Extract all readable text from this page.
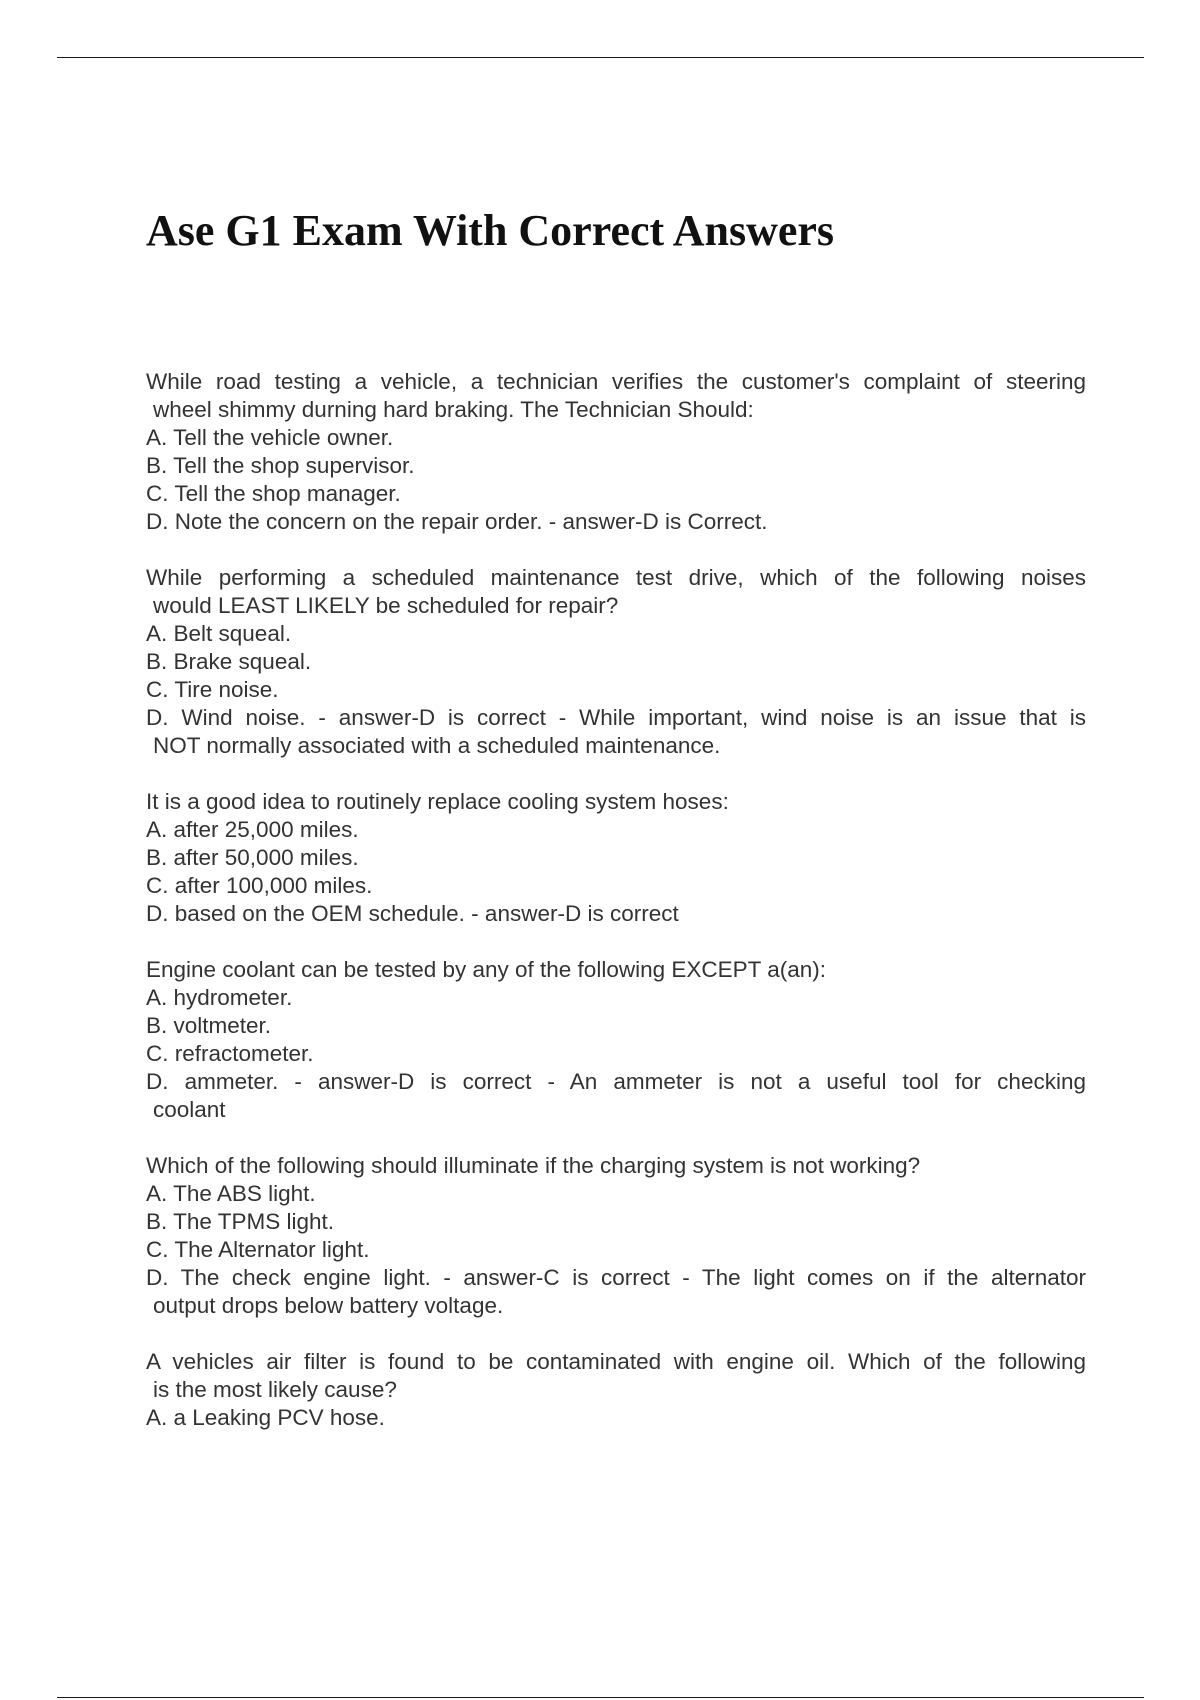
Ase G1 Exam With Correct Answers
While road testing a vehicle, a technician verifies the customer's complaint of steering
wheel shimmy durning hard braking. The Technician Should:
A. Tell the vehicle owner.
B. Tell the shop supervisor.
C. Tell the shop manager.
D. Note the concern on the repair order. - answer-D is Correct.
While performing a scheduled maintenance test drive, which of the following noises
would LEAST LIKELY be scheduled for repair?
A. Belt squeal.
B. Brake squeal.
C. Tire noise.
D. Wind noise. - answer-D is correct - While important, wind noise is an issue that is
NOT normally associated with a scheduled maintenance.
It is a good idea to routinely replace cooling system hoses:
A. after 25,000 miles.
B. after 50,000 miles.
C. after 100,000 miles.
D. based on the OEM schedule. - answer-D is correct
Engine coolant can be tested by any of the following EXCEPT a(an):
A. hydrometer.
B. voltmeter.
C. refractometer.
D. ammeter. - answer-D is correct - An ammeter is not a useful tool for checking
coolant
Which of the following should illuminate if the charging system is not working?
A. The ABS light.
B. The TPMS light.
C. The Alternator light.
D. The check engine light. - answer-C is correct - The light comes on if the alternator
output drops below battery voltage.
A vehicles air filter is found to be contaminated with engine oil. Which of the following
is the most likely cause?
A. a Leaking PCV hose.
